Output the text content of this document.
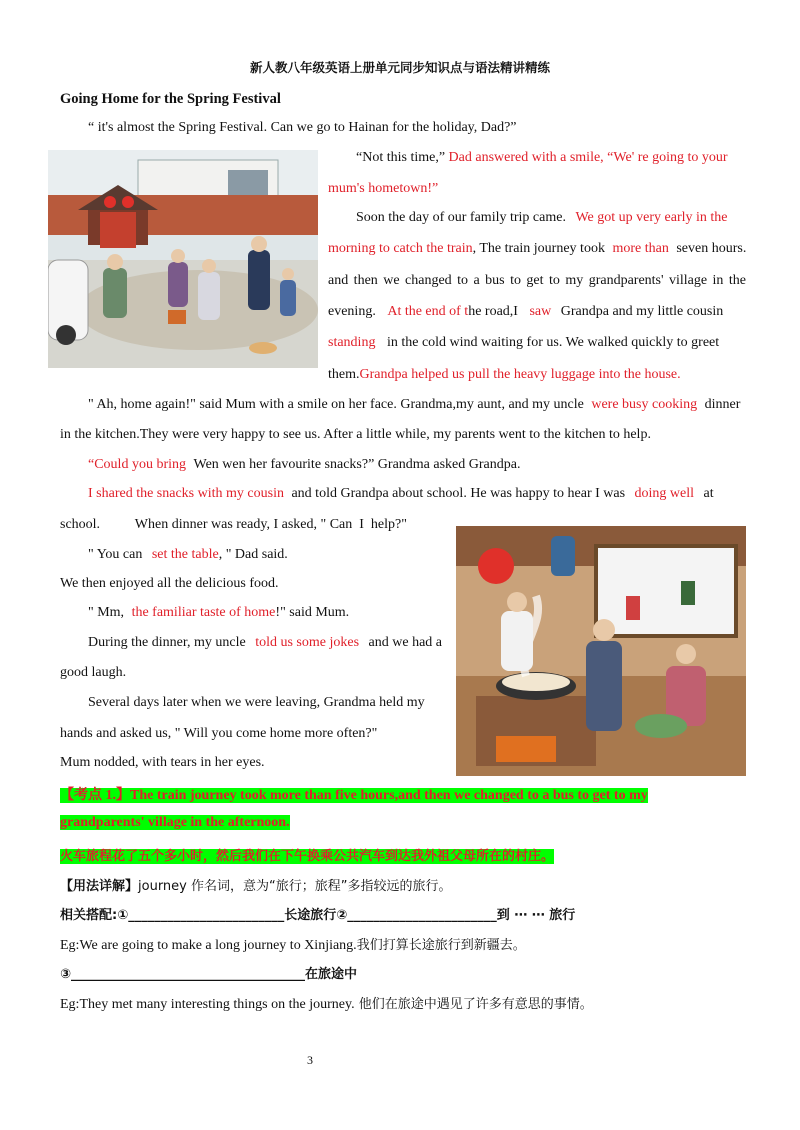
新人教八年级英语上册单元同步知识点与语法精讲精练
Going Home for the Spring Festival
“ it's almost the Spring Festival. Can we go to Hainan for the holiday, Dad?”
“Not this time,” Dad answered with a smile, “We' re going to your
mum's hometown!”
Soon the day of our family trip came. We got up very early in the
morning to catch the train, The train journey took more than seven hours.
and then we changed to a bus to get to my grandparents' village in the
evening. At the end of the road,I saw Grandpa and my little cousin
standing in the cold wind waiting for us. We walked quickly to greet
them.Grandpa helped us pull the heavy luggage into the house.
" Ah, home again!" said Mum with a smile on her face. Grandma,my aunt, and my uncle were busy cooking dinner
in the kitchen.They were very happy to see us. After a little while, my parents went to the kitchen to help.
“Could you bring Wen wen her favourite snacks?” Grandma asked Grandpa.
I shared the snacks with my cousin and told Grandpa about school. He was happy to hear I was doing well at
school.          When dinner was ready, I asked, " Can  I  help?"
" You can set the table, " Dad said.
We then enjoyed all the delicious food.
" Mm, the familiar taste of home!" said Mum.
During the dinner, my uncle told us some jokes and we had a
good laugh.
Several days later when we were leaving, Grandma held my
hands and asked us, " Will you come home more often?"
Mum nodded, with tears in her eyes.
【考点 1.】The train journey took more than five hours,and then we changed to a bus to get to my
grandparents' village in the afternoon.
火车旅程花了五个多小时，然后我们在下午换乘公共汽车到达我外祖父母所在的村庄。
【用法详解】journey 作名词，意为“旅行；旅程”多指较远的旅行。
相关搭配:①________________________长途旅行②_______________________到 ⋯ ⋯ 旅行
Eg:We are going to make a long journey to Xinjiang.我们打算长途旅行到新疆去。
③____________________________________在旅途中
Eg:They met many interesting things on the journey. 他们在旅途中遇见了许多有意思的事情。
3
